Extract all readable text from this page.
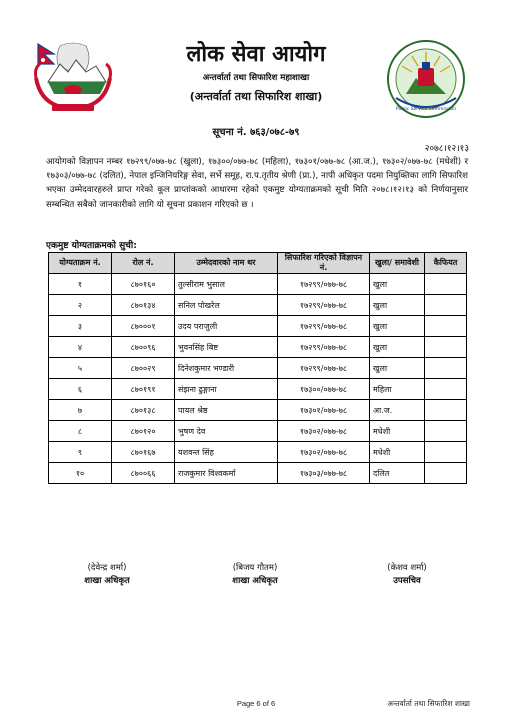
Public Service Commission
लोक सेवा आयोग
अन्तर्वार्ता तथा सिफारिश महाशाखा
(अन्तर्वार्ता तथा सिफारिश शाखा)
सूचना नं. ७६३/०७८-७९
२०७८।१२।१३

आयोगको विज्ञापन नम्बर १७२९९/०७७-७८ (खुला), १७३००/०७७-७८ (महिला), १७३०१/०७७-७८ (आ.ज.), १७३०२/०७७-७८ (मधेशी) र १७३०३/०७७-७८ (दलित), नेपाल इन्जिनियरिङ्ग सेवा, सर्भे समूह, रा.प.तृतीय श्रेणी (प्रा.), नापी अधिकृत पदमा नियुक्तिका लागि सिफारिश भएका उम्मेदवारहरुले प्राप्त गरेको कूल प्राप्तांकको आधारमा रहेको एकमुष्ट योग्यताक्रमको सूची मिति २०७८।१२।१३ को निर्णयानुसार सम्बन्धित सबैको जानकारीको लागि यो सूचना प्रकाशन गरिएको छ ।

एकमुष्ट योग्यताक्रमको सुची:
योग्यताक्रम नं.	रोल नं.	उम्मेदवारको नाम थर	सिफारिश गरिएको विज्ञापन नं.	खुला/ समावेशी	कैफियत
१	८७०१६०	तुल्सीराम भुसाल	१७२९९/०७७-७८	खुला	
२	८७०१३४	सनिल पोखरेल	१७२९९/०७७-७८	खुला	
३	८७०००१	उदय पराजुली	१७२९९/०७७-७८	खुला	
४	८७००९६	भुवनसिंह बिष्ट	१७२९९/०७७-७८	खुला	
५	८७००२९	दिनेशकुमार भण्डारी	१७२९९/०७७-७८	खुला	
६	८७०१९१	संझना ढुङ्गाना	१७३००/०७७-७८	महिला	
७	८७०१३८	पायल श्रेष्ठ	१७३०१/०७७-७८	आ.ज.	
८	८७०१२०	भुषण देव	१७३०२/०७७-७८	मधेशी	
९	८७०१६७	यशवन्त सिंह	१७३०२/०७७-७८	मधेशी	
१०	८७००६६	राजकुमार विश्वकर्मा	१७३०३/०७७-७८	दलित	
(देवेन्द्र शर्मा)
शाखा अधिकृत
(बिजय गौतम)
शाखा अधिकृत
(केशव शर्मा)
उपसचिव
Page 6 of 6	अन्तर्वार्ता तथा सिफारिश शाखा
